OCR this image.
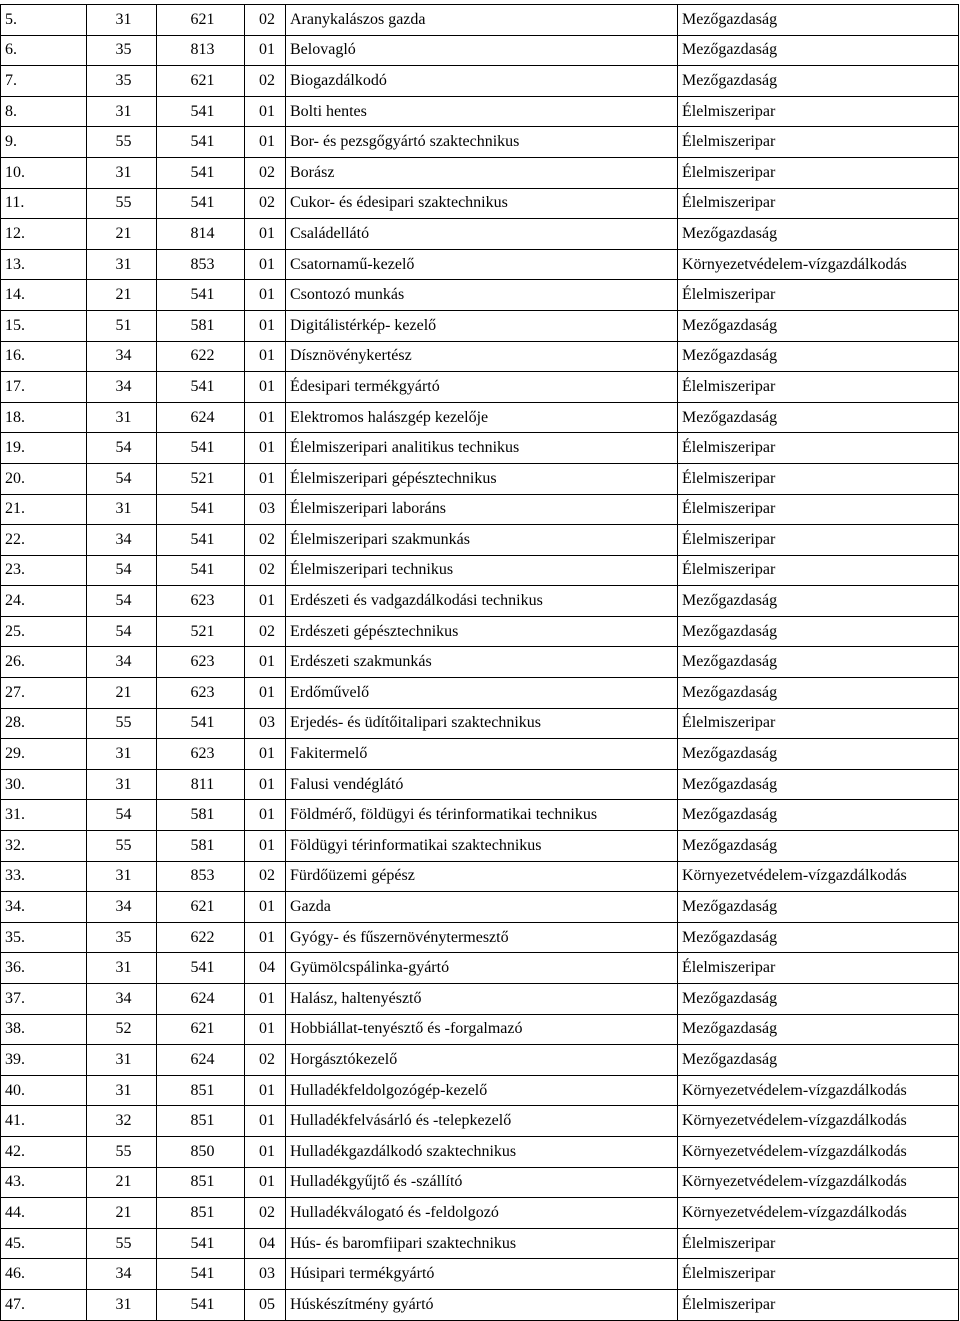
5.	31	621	02	Aranykalászos gazda	Mezőgazdaság
6.	35	813	01	Belovagló	Mezőgazdaság
7.	35	621	02	Biogazdálkodó	Mezőgazdaság
8.	31	541	01	Bolti hentes	Élelmiszeripar
9.	55	541	01	Bor- és pezsgőgyártó szaktechnikus	Élelmiszeripar
10.	31	541	02	Borász	Élelmiszeripar
11.	55	541	02	Cukor- és édesipari szaktechnikus	Élelmiszeripar
12.	21	814	01	Családellátó	Mezőgazdaság
13.	31	853	01	Csatornamű-kezelő	Környezetvédelem-vízgazdálkodás
14.	21	541	01	Csontozó munkás	Élelmiszeripar
15.	51	581	01	Digitálistérkép- kezelő	Mezőgazdaság
16.	34	622	01	Dísznövénykertész	Mezőgazdaság
17.	34	541	01	Édesipari termékgyártó	Élelmiszeripar
18.	31	624	01	Elektromos halászgép kezelője	Mezőgazdaság
19.	54	541	01	Élelmiszeripari analitikus technikus	Élelmiszeripar
20.	54	521	01	Élelmiszeripari gépésztechnikus	Élelmiszeripar
21.	31	541	03	Élelmiszeripari laboráns	Élelmiszeripar
22.	34	541	02	Élelmiszeripari szakmunkás	Élelmiszeripar
23.	54	541	02	Élelmiszeripari technikus	Élelmiszeripar
24.	54	623	01	Erdészeti és vadgazdálkodási technikus	Mezőgazdaság
25.	54	521	02	Erdészeti gépésztechnikus	Mezőgazdaság
26.	34	623	01	Erdészeti szakmunkás	Mezőgazdaság
27.	21	623	01	Erdőművelő	Mezőgazdaság
28.	55	541	03	Erjedés- és üdítőitalipari szaktechnikus	Élelmiszeripar
29.	31	623	01	Fakitermelő	Mezőgazdaság
30.	31	811	01	Falusi vendéglátó	Mezőgazdaság
31.	54	581	01	Földmérő, földügyi és térinformatikai technikus	Mezőgazdaság
32.	55	581	01	Földügyi térinformatikai szaktechnikus	Mezőgazdaság
33.	31	853	02	Fürdőüzemi gépész	Környezetvédelem-vízgazdálkodás
34.	34	621	01	Gazda	Mezőgazdaság
35.	35	622	01	Gyógy- és fűszernövénytermesztő	Mezőgazdaság
36.	31	541	04	Gyümölcspálinka-gyártó	Élelmiszeripar
37.	34	624	01	Halász, haltenyésztő	Mezőgazdaság
38.	52	621	01	Hobbiállat-tenyésztő és -forgalmazó	Mezőgazdaság
39.	31	624	02	Horgásztókezelő	Mezőgazdaság
40.	31	851	01	Hulladékfeldolgozógép-kezelő	Környezetvédelem-vízgazdálkodás
41.	32	851	01	Hulladékfelvásárló és -telepkezelő	Környezetvédelem-vízgazdálkodás
42.	55	850	01	Hulladékgazdálkodó szaktechnikus	Környezetvédelem-vízgazdálkodás
43.	21	851	01	Hulladékgyűjtő és -szállító	Környezetvédelem-vízgazdálkodás
44.	21	851	02	Hulladékválogató és -feldolgozó	Környezetvédelem-vízgazdálkodás
45.	55	541	04	Hús- és baromfiipari szaktechnikus	Élelmiszeripar
46.	34	541	03	Húsipari termékgyártó	Élelmiszeripar
47.	31	541	05	Húskészítmény gyártó	Élelmiszeripar
